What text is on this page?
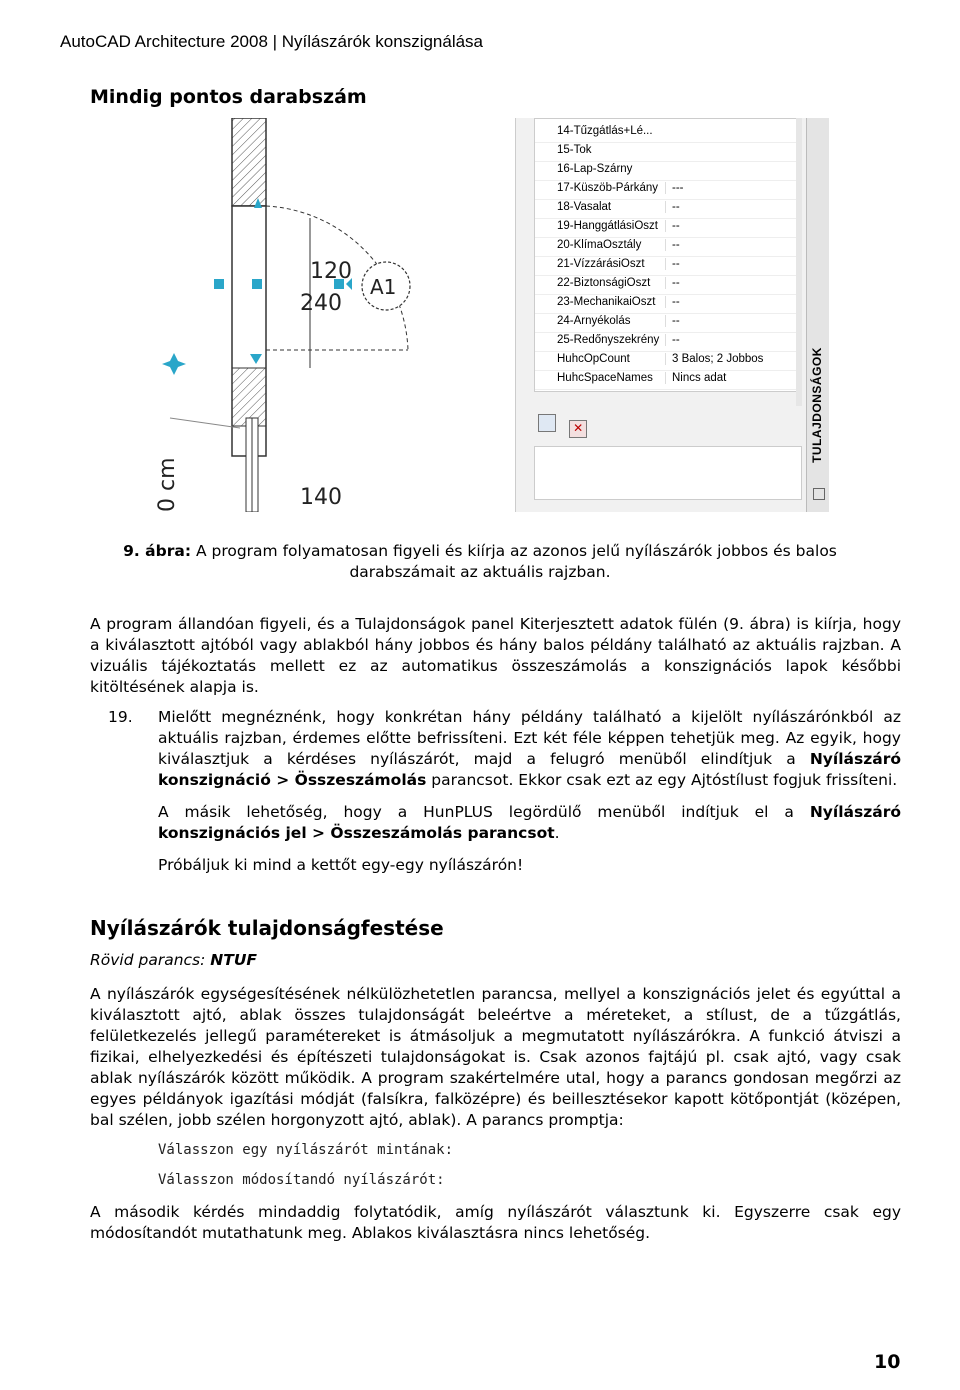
AutoCAD Architecture 2008 | Nyílászárók konszignálása
Mindig pontos darabszám
120
240
A1
140
0 cm
14-Tűzgátlás+Lé...
15-Tok
16-Lap-Szárny
17-Küszöb-Párkány	---
18-Vasalat	--
19-HanggátlásiOszt	--
20-KlímaOsztály	--
21-VízzárásiOszt	--
22-BiztonságiOszt	--
23-MechanikaiOszt	--
24-Árnyékolás	--
25-Redőnyszekrény	--
HuhcOpCount	3 Balos; 2 Jobbos
HuhcSpaceNames	Nincs adat
✕	TULAJDONSÁGOK
9. ábra: A program folyamatosan figyeli és kiírja az azonos jelű nyílászárók jobbos és balos darabszámait az aktuális rajzban.

A program állandóan figyeli, és a Tulajdonságok panel Kiterjesztett adatok fülén (9. ábra) is kiírja, hogy a kiválasztott ajtóból vagy ablakból hány jobbos és hány balos példány található az aktuális rajzban. A vizuális tájékoztatás mellett ez az automatikus összeszámolás a konszignációs lapok későbbi kitöltésének alapja is.

19. Mielőtt megnéznénk, hogy konkrétan hány példány található a kijelölt nyílászárónkból az aktuális rajzban, érdemes előtte befrissíteni. Ezt két féle képpen tehetjük meg. Az egyik, hogy kiválasztjuk a kérdéses nyílászárót, majd a felugró menüből elindítjuk a Nyílászáró konszignáció > Összeszámolás parancsot. Ekkor csak ezt az egy Ajtóstílust fogjuk frissíteni.

A másik lehetőség, hogy a HunPLUS legördülő menüből indítjuk el a Nyílászáró konszignációs jel > Összeszámolás parancsot.

Próbáljuk ki mind a kettőt egy-egy nyílászárón!

Nyílászárók tulajdonságfestése
Rövid parancs: NTUF

A nyílászárók egységesítésének nélkülözhetetlen parancsa, mellyel a konszignációs jelet és egyúttal a kiválasztott ajtó, ablak összes tulajdonságát beleértve a méreteket, a stílust, de a tűzgátlás, felületkezelés jellegű paramétereket is átmásoljuk a megmutatott nyílászárókra. A funkció átviszi a fizikai, elhelyezkedési és építészeti tulajdonságokat is. Csak azonos fajtájú pl. csak ajtó, vagy csak ablak nyílászárók között működik. A program szakértelmére utal, hogy a parancs gondosan megőrzi az egyes példányok igazítási módját (falsíkra, falközépre) és beillesztésekor kapott kötőpontját (középen, bal szélen, jobb szélen horgonyzott ajtó, ablak). A parancs promptja:

Válasszon egy nyílászárót mintának:
Válasszon módosítandó nyílászárót:

A második kérdés mindaddig folytatódik, amíg nyílászárót választunk ki. Egyszerre csak egy módosítandót mutathatunk meg. Ablakos kiválasztásra nincs lehetőség.

10
